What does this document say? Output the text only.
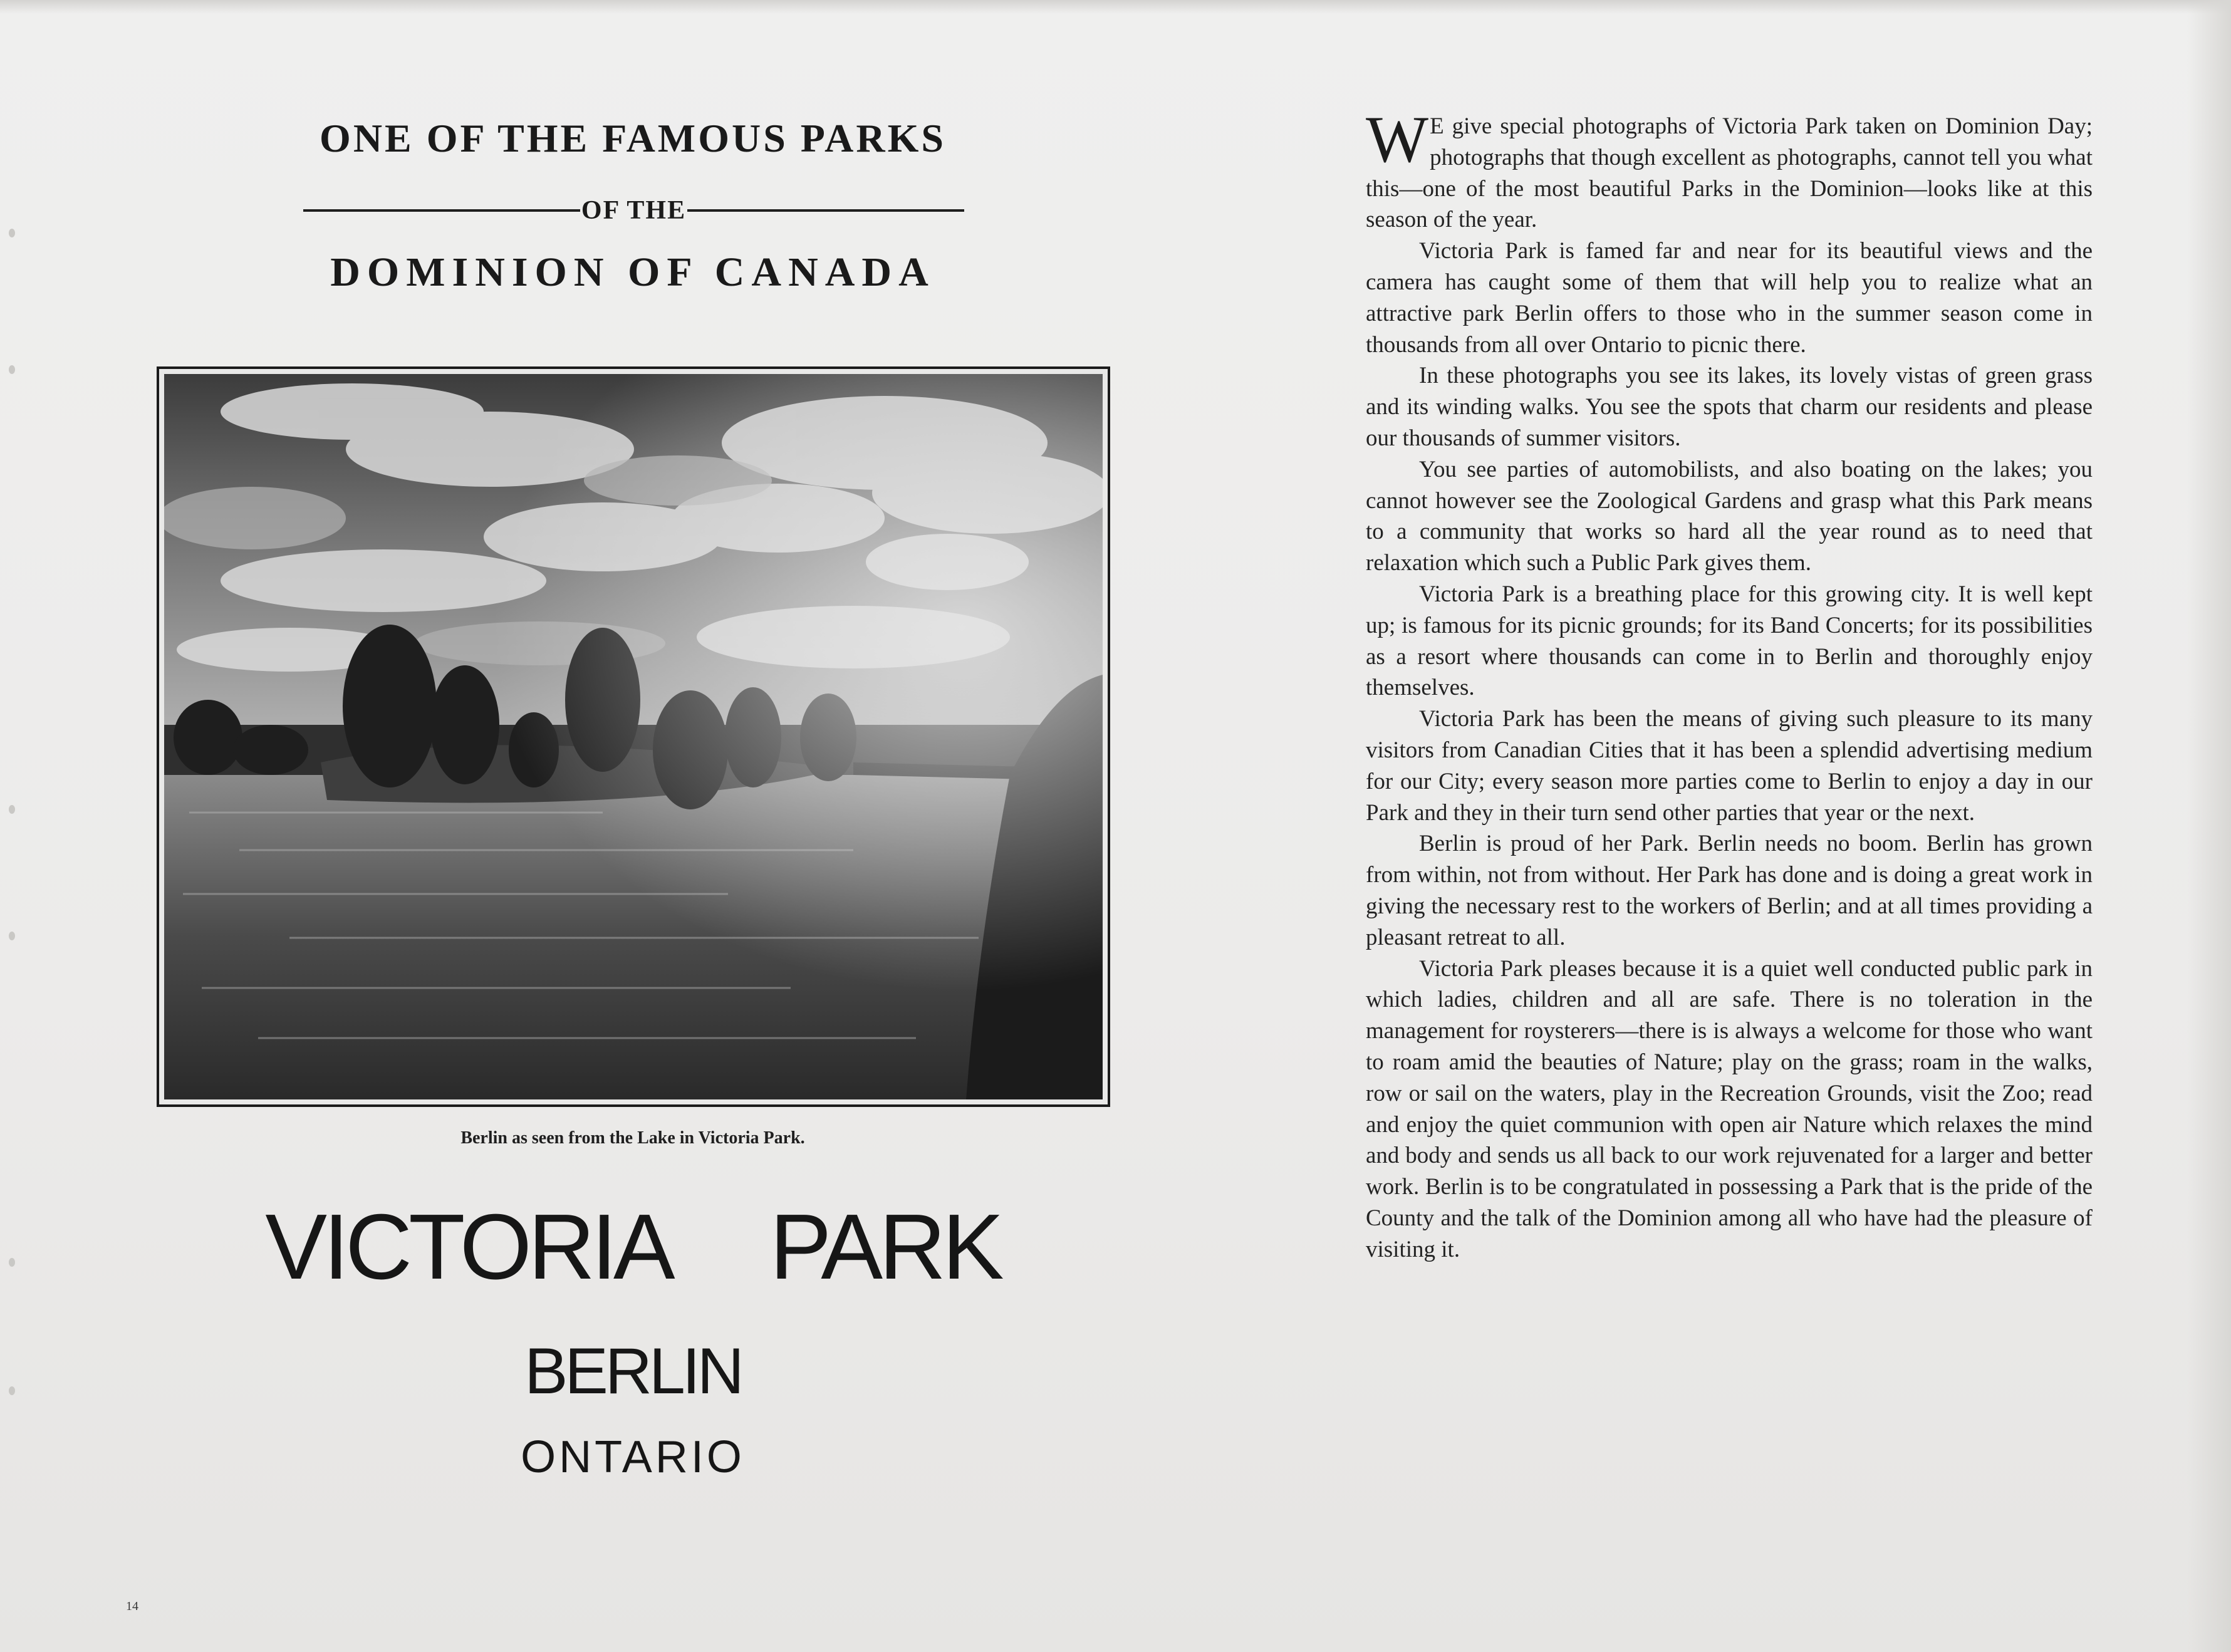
ONE OF THE FAMOUS PARKS
OF THE
DOMINION OF CANADA
Berlin as seen from the Lake in Victoria Park.
VICTORIA PARK
BERLIN
ONTARIO
14

W E give special photographs of Victoria Park taken on Dominion Day; photographs that though excellent as photographs, cannot tell you what this—one of the most beautiful Parks in the Dominion—looks like at this season of the year.

Victoria Park is famed far and near for its beautiful views and the camera has caught some of them that will help you to realize what an attractive park Berlin offers to those who in the summer season come in thousands from all over Ontario to picnic there.

In these photographs you see its lakes, its lovely vistas of green grass and its winding walks. You see the spots that charm our residents and please our thousands of summer visitors.

You see parties of automobilists, and also boating on the lakes; you cannot however see the Zoological Gardens and grasp what this Park means to a community that works so hard all the year round as to need that relaxation which such a Public Park gives them.

Victoria Park is a breathing place for this growing city. It is well kept up; is famous for its picnic grounds; for its Band Concerts; for its possibilities as a resort where thousands can come in to Berlin and thoroughly enjoy themselves.

Victoria Park has been the means of giving such pleasure to its many visitors from Canadian Cities that it has been a splendid advertising medium for our City; every season more parties come to Berlin to enjoy a day in our Park and they in their turn send other parties that year or the next.

Berlin is proud of her Park. Berlin needs no boom. Berlin has grown from within, not from without. Her Park has done and is doing a great work in giving the necessary rest to the workers of Berlin; and at all times providing a pleasant retreat to all.

Victoria Park pleases because it is a quiet well conducted public park in which ladies, children and all are safe. There is no toleration in the management for roysterers—there is is always a welcome for those who want to roam amid the beauties of Nature; play on the grass; roam in the walks, row or sail on the waters, play in the Recreation Grounds, visit the Zoo; read and enjoy the quiet communion with open air Nature which relaxes the mind and body and sends us all back to our work rejuvenated for a larger and better work. Berlin is to be congratulated in possessing a Park that is the pride of the County and the talk of the Dominion among all who have had the pleasure of visiting it.
